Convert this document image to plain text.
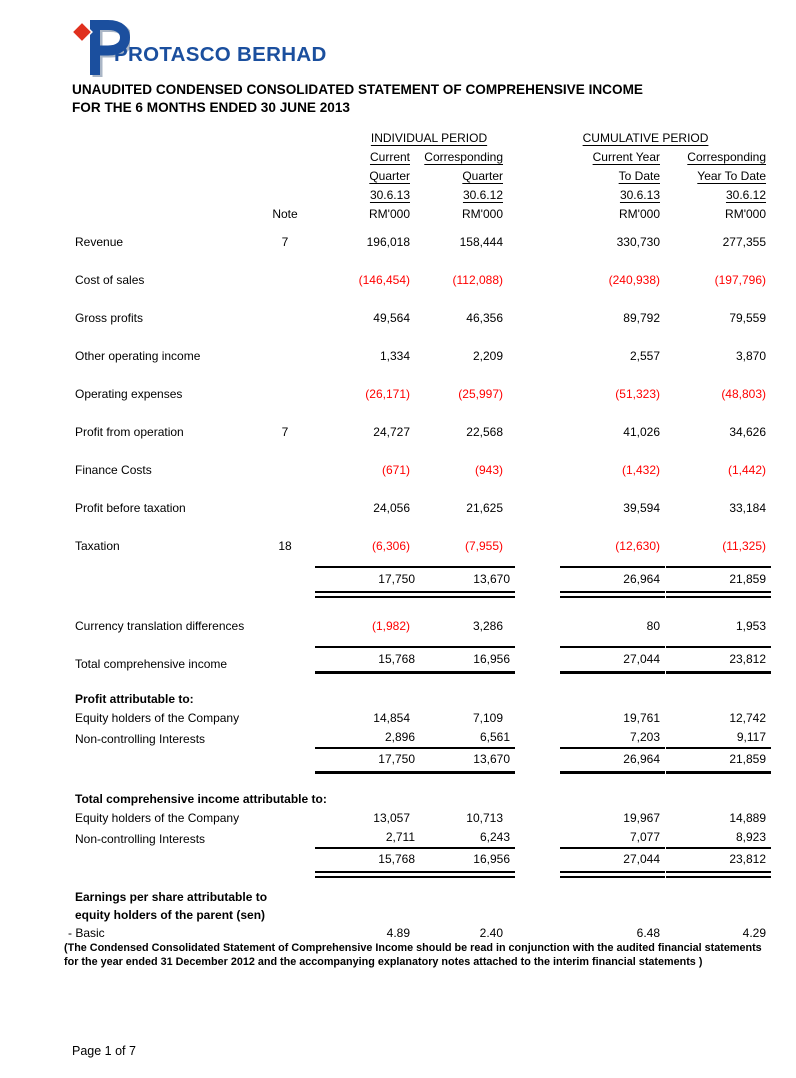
PROTASCO BERHAD
UNAUDITED CONDENSED CONSOLIDATED STATEMENT OF COMPREHENSIVE INCOME
FOR THE 6 MONTHS ENDED 30 JUNE 2013
		INDIVIDUAL PERIOD		CUMULATIVE PERIOD	
		Current	Corresponding	Current Year	Corresponding
		Quarter	Quarter	To Date	Year To Date
		30.6.13	30.6.12	30.6.13	30.6.12
	Note	RM'000	RM'000	RM'000	RM'000
Revenue	7	196,018	158,444	330,730	277,355
Cost of sales		(146,454)	(112,088)	(240,938)	(197,796)
Gross profits		49,564	46,356	89,792	79,559
Other operating income		1,334	2,209	2,557	3,870
Operating expenses		(26,171)	(25,997)	(51,323)	(48,803)
Profit from operation	7	24,727	22,568	41,026	34,626
Finance Costs		(671)	(943)	(1,432)	(1,442)
Profit before taxation		24,056	21,625	39,594	33,184
Taxation	18	(6,306)	(7,955)	(12,630)	(11,325)
		17,750	13,670	26,964	21,859
Currency translation differences		(1,982)	3,286	80	1,953
Total comprehensive income		15,768	16,956	27,044	23,812

Profit attributable to:					

Equity holders of the Company		14,854	7,109	19,761	12,742
Non-controlling Interests		2,896	6,561	7,203	9,117
		17,750	13,670	26,964	21,859

Total comprehensive income attributable to:					

Equity holders of the Company		13,057	10,713	19,967	14,889
Non-controlling Interests		2,711	6,243	7,077	8,923
		15,768	16,956	27,044	23,812

Earnings per share attributable to
equity holders of the parent (sen)					

- Basic		4.89	2.40	6.48	4.29
(The Condensed Consolidated Statement of Comprehensive Income should be read in conjunction with the audited financial statements
for the year ended 31 December 2012 and the accompanying explanatory notes attached to the interim financial statements )
Page 1 of 7
